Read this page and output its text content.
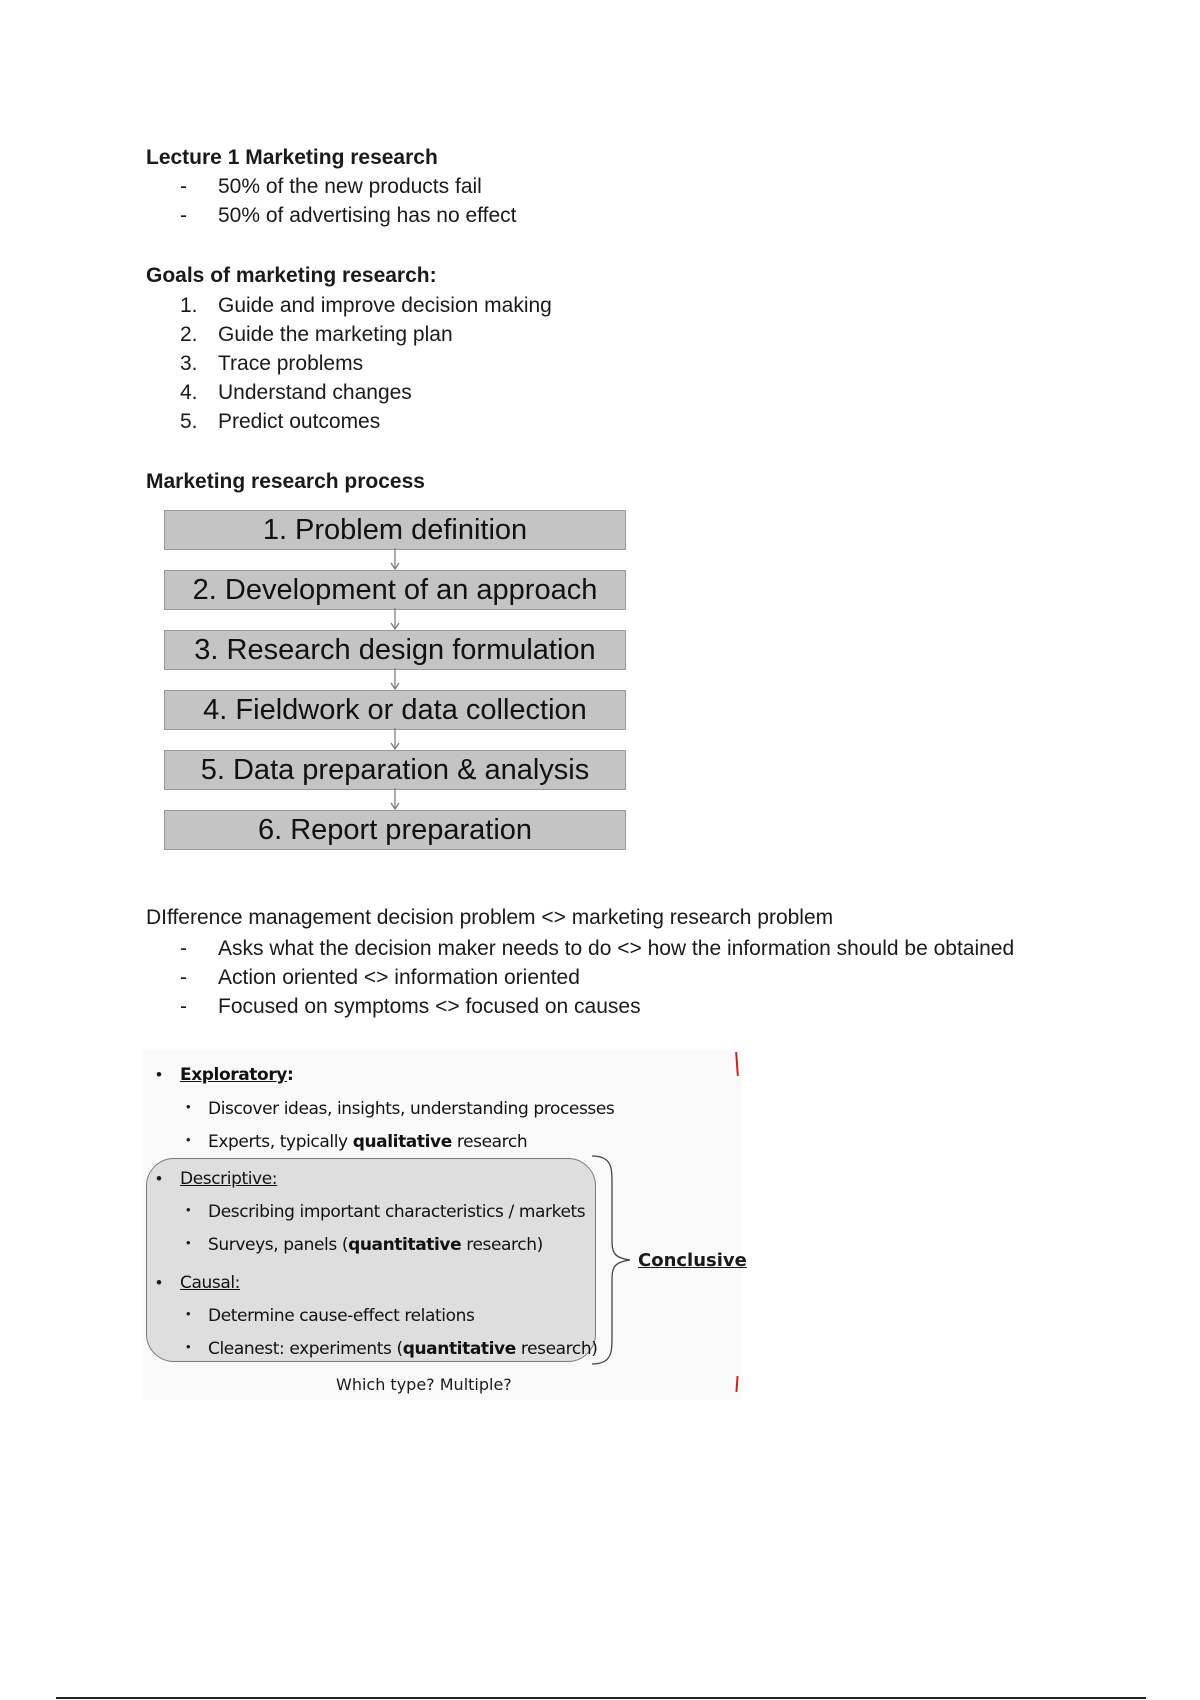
Lecture 1 Marketing research
-	50% of the new products fail
-	50% of advertising has no effect
Goals of marketing research:
1. Guide and improve decision making
2. Guide the marketing plan
3. Trace problems
4. Understand changes
5. Predict outcomes
Marketing research process
1. Problem definition
2. Development of an approach
3. Research design formulation
4. Fieldwork or data collection
5. Data preparation & analysis
6. Report preparation

DIfference management decision problem <> marketing research problem

-	Asks what the decision maker needs to do <> how the information should be obtained
-	Action oriented <> information oriented
-	Focused on symptoms <> focused on causes
• Exploratory:
• Discover ideas, insights, understanding processes
• Experts, typically qualitative research
• Descriptive:
• Describing important characteristics / markets
• Surveys, panels (quantitative research)
• Causal:
• Determine cause-effect relations
• Cleanest: experiments (quantitative research)
Conclusive
Which type? Multiple?
